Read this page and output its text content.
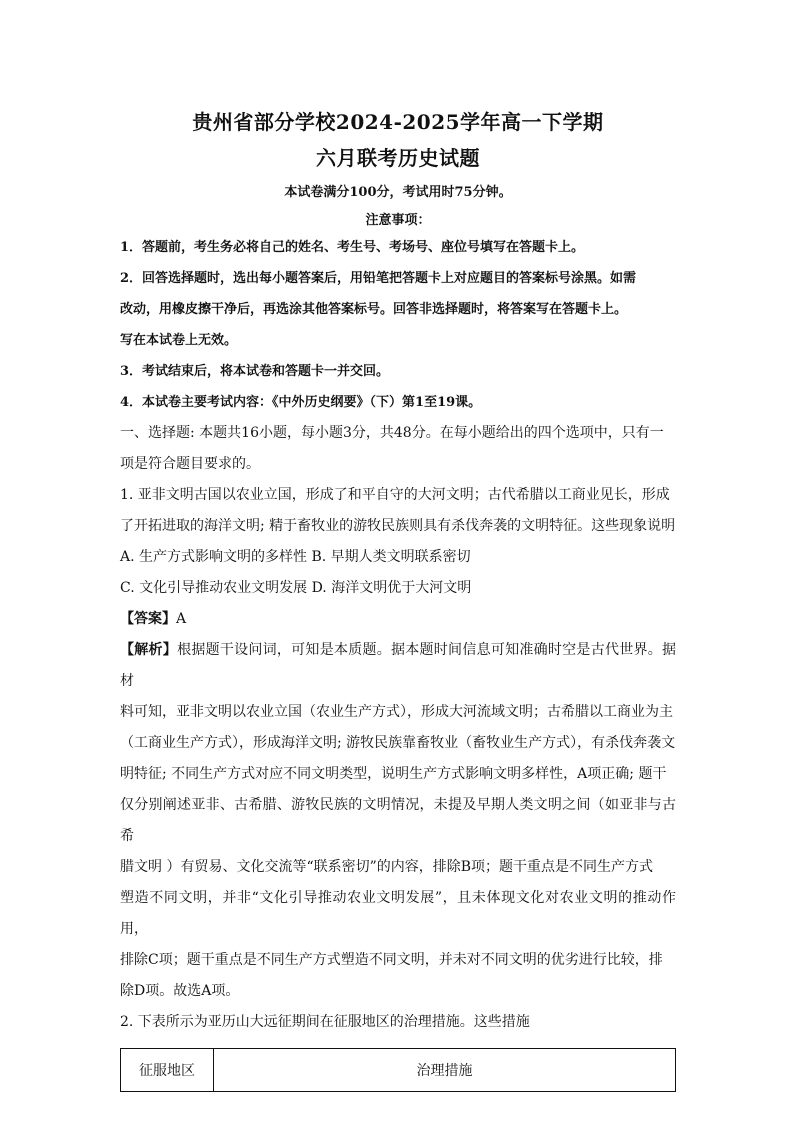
贵州省部分学校2024-2025学年高一下学期
六月联考历史试题
本试卷满分100分，考试用时75分钟。
注意事项：
1．答题前，考生务必将自己的姓名、考生号、考场号、座位号填写在答题卡上。
2．回答选择题时，选出每小题答案后，用铅笔把答题卡上对应题目的答案标号涂黑。如需
改动，用橡皮擦干净后，再选涂其他答案标号。回答非选择题时，将答案写在答题卡上。
写在本试卷上无效。
3．考试结束后，将本试卷和答题卡一并交回。
4．本试卷主要考试内容：《中外历史纲要》（下）第1至19课。
一、选择题: 本题共16小题，每小题3分，共48分。在每小题给出的四个选项中，只有一
项是符合题目要求的。
1. 亚非文明古国以农业立国，形成了和平自守的大河文明；古代希腊以工商业见长，形成
了开拓进取的海洋文明; 精于畜牧业的游牧民族则具有杀伐奔袭的文明特征。这些现象说明
A. 生产方式影响文明的多样性 B. 早期人类文明联系密切
C. 文化引导推动农业文明发展 D. 海洋文明优于大河文明
【答案】A
【解析】根据题干设问词，可知是本质题。据本题时间信息可知准确时空是古代世界。据材
料可知，亚非文明以农业立国（农业生产方式），形成大河流域文明；古希腊以工商业为主
（工商业生产方式），形成海洋文明; 游牧民族靠畜牧业（畜牧业生产方式），有杀伐奔袭文
明特征; 不同生产方式对应不同文明类型，说明生产方式影响文明多样性，A项正确; 题干
仅分别阐述亚非、古希腊、游牧民族的文明情况，未提及早期人类文明之间（如亚非与古希
腊文明 ）有贸易、文化交流等“联系密切”的内容，排除B项；题干重点是不同生产方式
塑造不同文明，并非“文化引导推动农业文明发展”，且未体现文化对农业文明的推动作用，
排除C项；题干重点是不同生产方式塑造不同文明，并未对不同文明的优劣进行比较，排
除D项。故选A项。
2. 下表所示为亚历山大远征期间在征服地区的治理措施。这些措施
征服地区	治理措施
